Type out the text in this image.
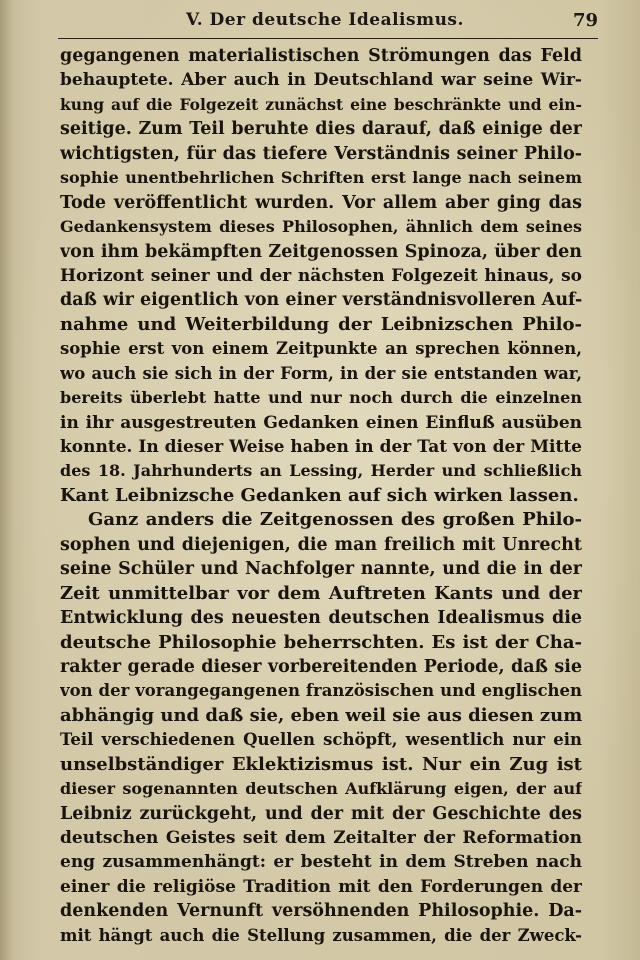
V. Der deutsche Idealismus.	79
gegangenen materialistischen Strömungen das Feld
behauptete. Aber auch in Deutschland war seine Wir-
kung auf die Folgezeit zunächst eine beschränkte und ein-
seitige. Zum Teil beruhte dies darauf, daß einige der
wichtigsten, für das tiefere Verständnis seiner Philo-
sophie unentbehrlichen Schriften erst lange nach seinem
Tode veröffentlicht wurden. Vor allem aber ging das
Gedankensystem dieses Philosophen, ähnlich dem seines
von ihm bekämpften Zeitgenossen Spinoza, über den
Horizont seiner und der nächsten Folgezeit hinaus, so
daß wir eigentlich von einer verständnisvolleren Auf-
nahme und Weiterbildung der Leibnizschen Philo-
sophie erst von einem Zeitpunkte an sprechen können,
wo auch sie sich in der Form, in der sie entstanden war,
bereits überlebt hatte und nur noch durch die einzelnen
in ihr ausgestreuten Gedanken einen Einfluß ausüben
konnte. In dieser Weise haben in der Tat von der Mitte
des 18. Jahrhunderts an Lessing, Herder und schließlich
Kant Leibnizsche Gedanken auf sich wirken lassen.
Ganz anders die Zeitgenossen des großen Philo-
sophen und diejenigen, die man freilich mit Unrecht
seine Schüler und Nachfolger nannte, und die in der
Zeit unmittelbar vor dem Auftreten Kants und der
Entwicklung des neuesten deutschen Idealismus die
deutsche Philosophie beherrschten. Es ist der Cha-
rakter gerade dieser vorbereitenden Periode, daß sie
von der vorangegangenen französischen und englischen
abhängig und daß sie, eben weil sie aus diesen zum
Teil verschiedenen Quellen schöpft, wesentlich nur ein
unselbständiger Eklektizismus ist. Nur ein Zug ist
dieser sogenannten deutschen Aufklärung eigen, der auf
Leibniz zurückgeht, und der mit der Geschichte des
deutschen Geistes seit dem Zeitalter der Reformation
eng zusammenhängt: er besteht in dem Streben nach
einer die religiöse Tradition mit den Forderungen der
denkenden Vernunft versöhnenden Philosophie. Da-
mit hängt auch die Stellung zusammen, die der Zweck-
